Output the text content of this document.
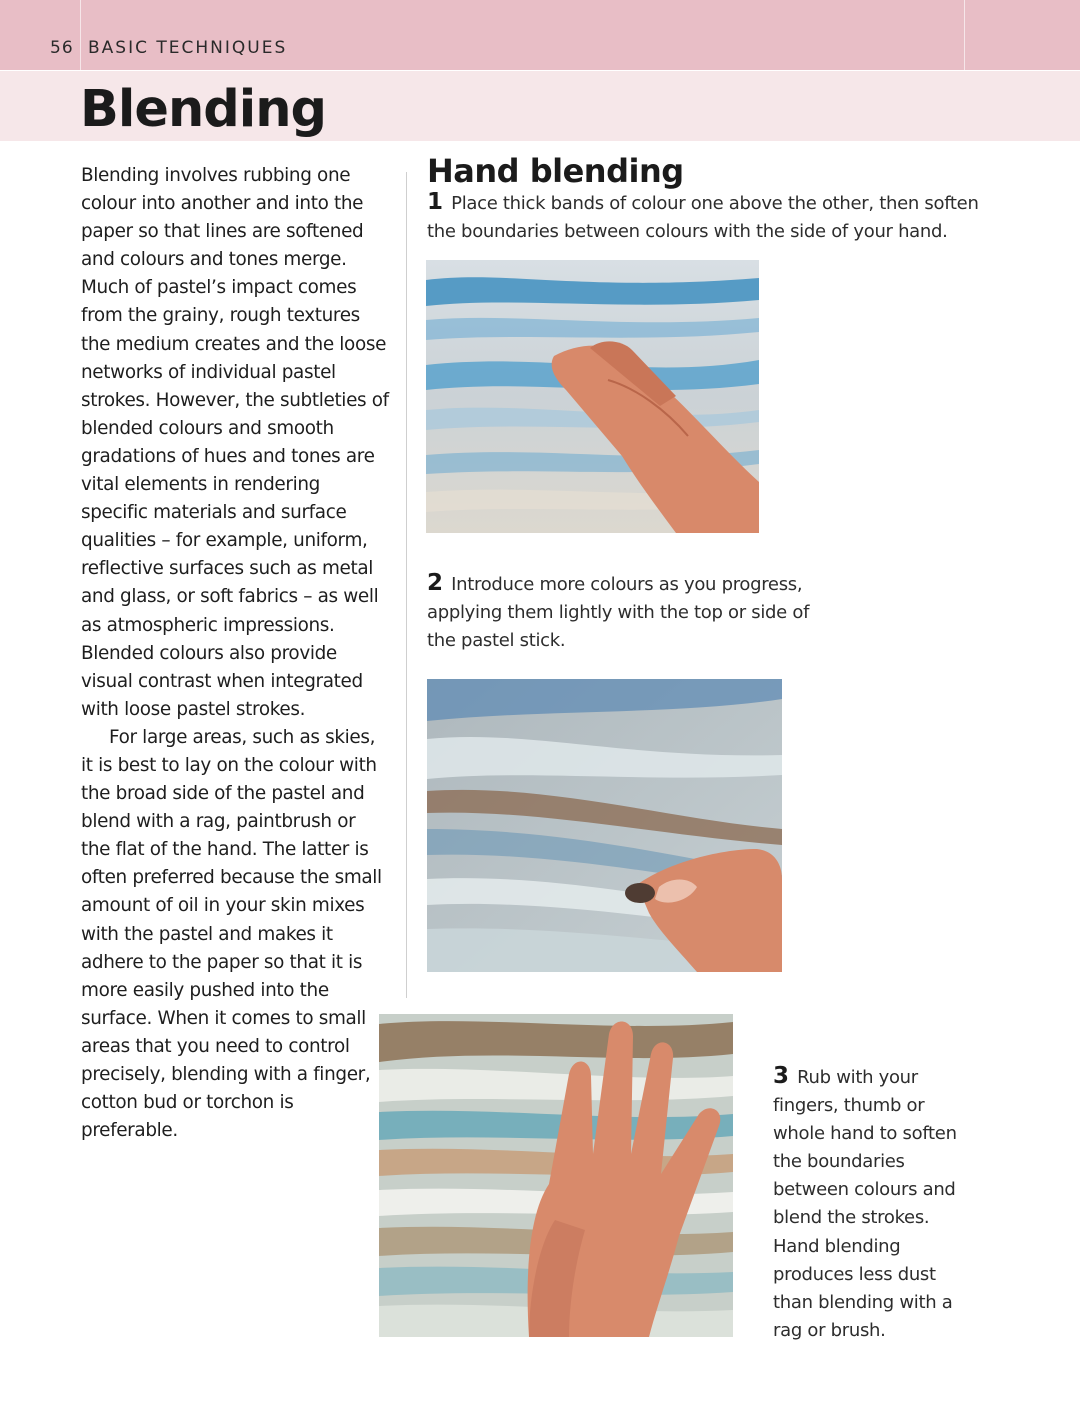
56 BASIC TECHNIQUES
Blending

Blending involves rubbing one colour into another and into the paper so that lines are softened and colours and tones merge. Much of pastel’s impact comes from the grainy, rough textures the medium creates and the loose networks of individual pastel strokes. However, the subtleties of blended colours and smooth gradations of hues and tones are vital elements in rendering specific materials and surface qualities – for example, uniform, reflective surfaces such as metal and glass, or soft fabrics – as well as atmospheric impressions. Blended colours also provide visual contrast when integrated with loose pastel strokes.

For large areas, such as skies, it is best to lay on the colour with the broad side of the pastel and blend with a rag, paintbrush or the flat of the hand. The latter is often preferred because the small amount of oil in your skin mixes with the pastel and makes it adhere to the paper so that it is more easily pushed into the surface. When it comes to small areas that you need to control precisely, blending with a finger, cotton bud or torchon is preferable.

Hand blending
1 Place thick bands of colour one above the other, then soften the boundaries between colours with the side of your hand.
2 Introduce more colours as you progress, applying them lightly with the top or side of the pastel stick.
3 Rub with your fingers, thumb or whole hand to soften the boundaries between colours and blend the strokes. Hand blending produces less dust than blending with a rag or brush.
